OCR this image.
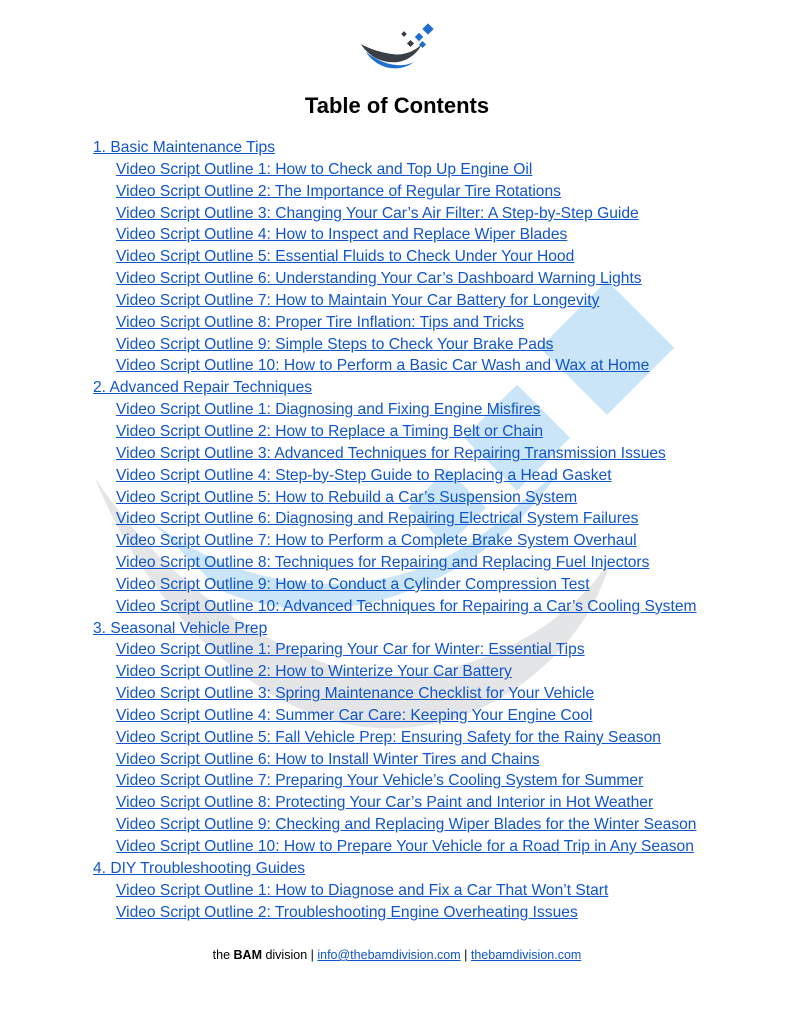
Table of Contents
1. Basic Maintenance Tips
Video Script Outline 1: How to Check and Top Up Engine Oil
Video Script Outline 2: The Importance of Regular Tire Rotations
Video Script Outline 3: Changing Your Car’s Air Filter: A Step-by-Step Guide
Video Script Outline 4: How to Inspect and Replace Wiper Blades
Video Script Outline 5: Essential Fluids to Check Under Your Hood
Video Script Outline 6: Understanding Your Car’s Dashboard Warning Lights
Video Script Outline 7: How to Maintain Your Car Battery for Longevity
Video Script Outline 8: Proper Tire Inflation: Tips and Tricks
Video Script Outline 9: Simple Steps to Check Your Brake Pads
Video Script Outline 10: How to Perform a Basic Car Wash and Wax at Home
2. Advanced Repair Techniques
Video Script Outline 1: Diagnosing and Fixing Engine Misfires
Video Script Outline 2: How to Replace a Timing Belt or Chain
Video Script Outline 3: Advanced Techniques for Repairing Transmission Issues
Video Script Outline 4: Step-by-Step Guide to Replacing a Head Gasket
Video Script Outline 5: How to Rebuild a Car’s Suspension System
Video Script Outline 6: Diagnosing and Repairing Electrical System Failures
Video Script Outline 7: How to Perform a Complete Brake System Overhaul
Video Script Outline 8: Techniques for Repairing and Replacing Fuel Injectors
Video Script Outline 9: How to Conduct a Cylinder Compression Test
Video Script Outline 10: Advanced Techniques for Repairing a Car’s Cooling System
3. Seasonal Vehicle Prep
Video Script Outline 1: Preparing Your Car for Winter: Essential Tips
Video Script Outline 2: How to Winterize Your Car Battery
Video Script Outline 3: Spring Maintenance Checklist for Your Vehicle
Video Script Outline 4: Summer Car Care: Keeping Your Engine Cool
Video Script Outline 5: Fall Vehicle Prep: Ensuring Safety for the Rainy Season
Video Script Outline 6: How to Install Winter Tires and Chains
Video Script Outline 7: Preparing Your Vehicle’s Cooling System for Summer
Video Script Outline 8: Protecting Your Car’s Paint and Interior in Hot Weather
Video Script Outline 9: Checking and Replacing Wiper Blades for the Winter Season
Video Script Outline 10: How to Prepare Your Vehicle for a Road Trip in Any Season
4. DIY Troubleshooting Guides
Video Script Outline 1: How to Diagnose and Fix a Car That Won’t Start
Video Script Outline 2: Troubleshooting Engine Overheating Issues
the BAM division | info@thebamdivision.com | thebamdivision.com
